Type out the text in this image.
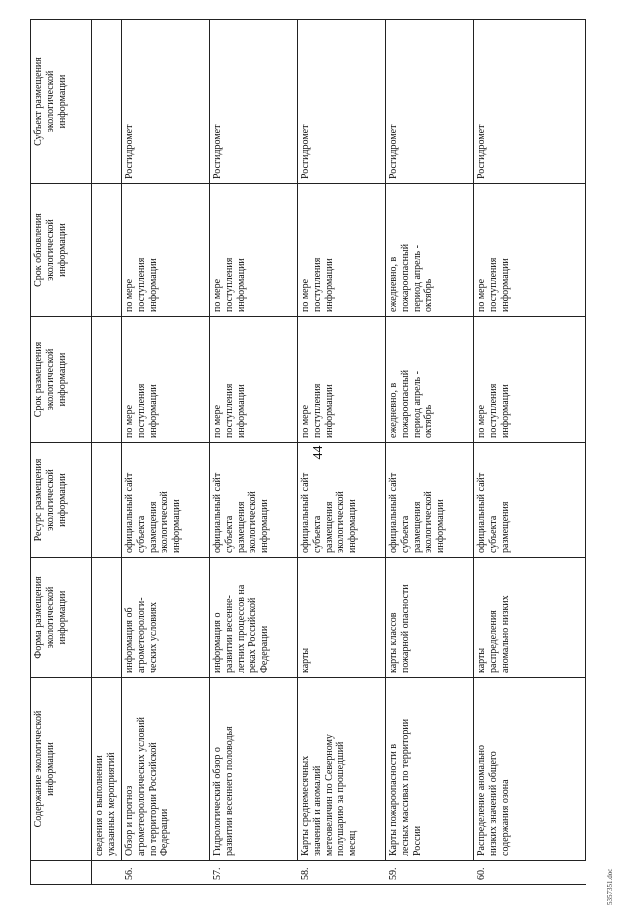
44
	Содержание экологической
информации	Форма размещения
экологической
информации	Ресурс размещения
экологической
информации	Срок размещения
экологической
информации	Срок обновления
экологической
информации	Субъект размещения
экологической
информации
	сведения о выполнении
указанных мероприятий					
56.	Обзор и прогноз
агрометеорологических условий
по территории Российской
Федерации	информация об
агрометеорологи-
ческих условиях	официальный сайт
субъекта
размещения
экологической
информации	по мере
поступления
информации	по мере
поступления
информации	Росгидромет
57.	Гидрологический обзор о
развитии весеннего половодья	информация о
развитии весенне-
летних процессов на
реках Российской
Федерации	официальный сайт
субъекта
размещения
экологической
информации	по мере
поступления
информации	по мере
поступления
информации	Росгидромет
58.	Карты среднемесячных
значений и аномалий
метеовеличин по Северному
полушарию за прошедший
месяц	карты	официальный сайт
субъекта
размещения
экологической
информации	по мере
поступления
информации	по мере
поступления
информации	Росгидромет
59.	Карты пожароопасности в
лесных массивах по территории
России	карты классов
пожарной опасности	официальный сайт
субъекта
размещения
экологической
информации	ежедневно, в
пожароопасный
период апрель -
октябрь	ежедневно, в
пожароопасный
период апрель -
октябрь	Росгидромет
60.	Распределение аномально
низких значений общего
содержания озона	карты
распределения
аномально низких	официальный сайт
субъекта
размещения	по мере
поступления
информации	по мере
поступления
информации	Росгидромет
5357351.doc
